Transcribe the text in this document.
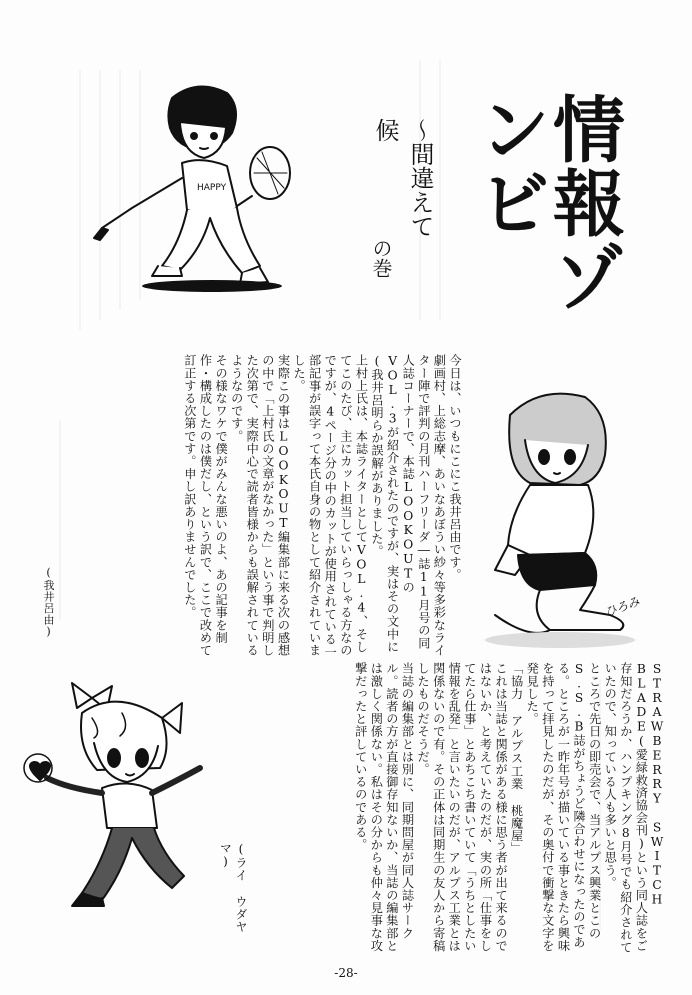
情報ゾンビ
〜間違えて候
の巻
HAPPY
今日は、いつもにこにこ我井呂由です。
劇画村、上総志摩、あいなあぼうい紗々等多彩なライター陣で評判の月刊ハーフリーダ―誌11月号の同人誌コーナーで、本誌LOOKOUTのVOL.3が紹介されたのですが、実はその文中に(我井呂明らか誤解がありました。
上村上氏は、本誌ライターとしてVOL.4、そしてこのたび、主にカット担当していらっしゃる方なのですが、4ページ分の中のカットが使用されている一部記事が誤字って本氏自身の物として紹介されていました。
実際この事はLOOKOUT編集部に来る次の感想の中で「上村氏の文章がなかった」という事で判明した次第で、実際中心で読者皆様からも誤解されているようなのです。
その様なワケで僕がみんな悪いのよ、あの記事を制作・構成したのは僕だし、という訳で、ここで改めて訂正する次第です。申し訳ありませんでした。
(我井呂由)	ひろみ
STRAWBERRY SWITCH BLADE(愛緑救済協会刊)という同人誌をご存知だろうか、ハンプキング8月号でも紹介されていたので、知っている人も多いと思う。
ところで先日の即売会で、当アルプス興業とこのS.S.B誌がちょうど隣合わせになったのである。ところが一昨年号が描いている事ときたら興味を持って拝見したのだが、その奥付で衝撃な文字を発見した。
「協力 アルプス工業 桃魔屋」
これは当誌と関係がある様に思う者が出て来るのではないか、と考えていたのだが、実の所「仕事をしてたら仕事」とあちこち書いていて「うちとしたい情報を乱発」と言いたいのだが、アルプス工業とは関係ないので有。その正体は同期生の友人から寄稿したものだそうだ。
当誌の編集部とは別に、同期問屋が同人誌サークル。読者の方が直接御存知ないか、当誌の編集部とは激しく関係ない。私はその分からも仲々見事な攻撃だったと評しているのである。
(ライ ウダヤマ)
-28-
